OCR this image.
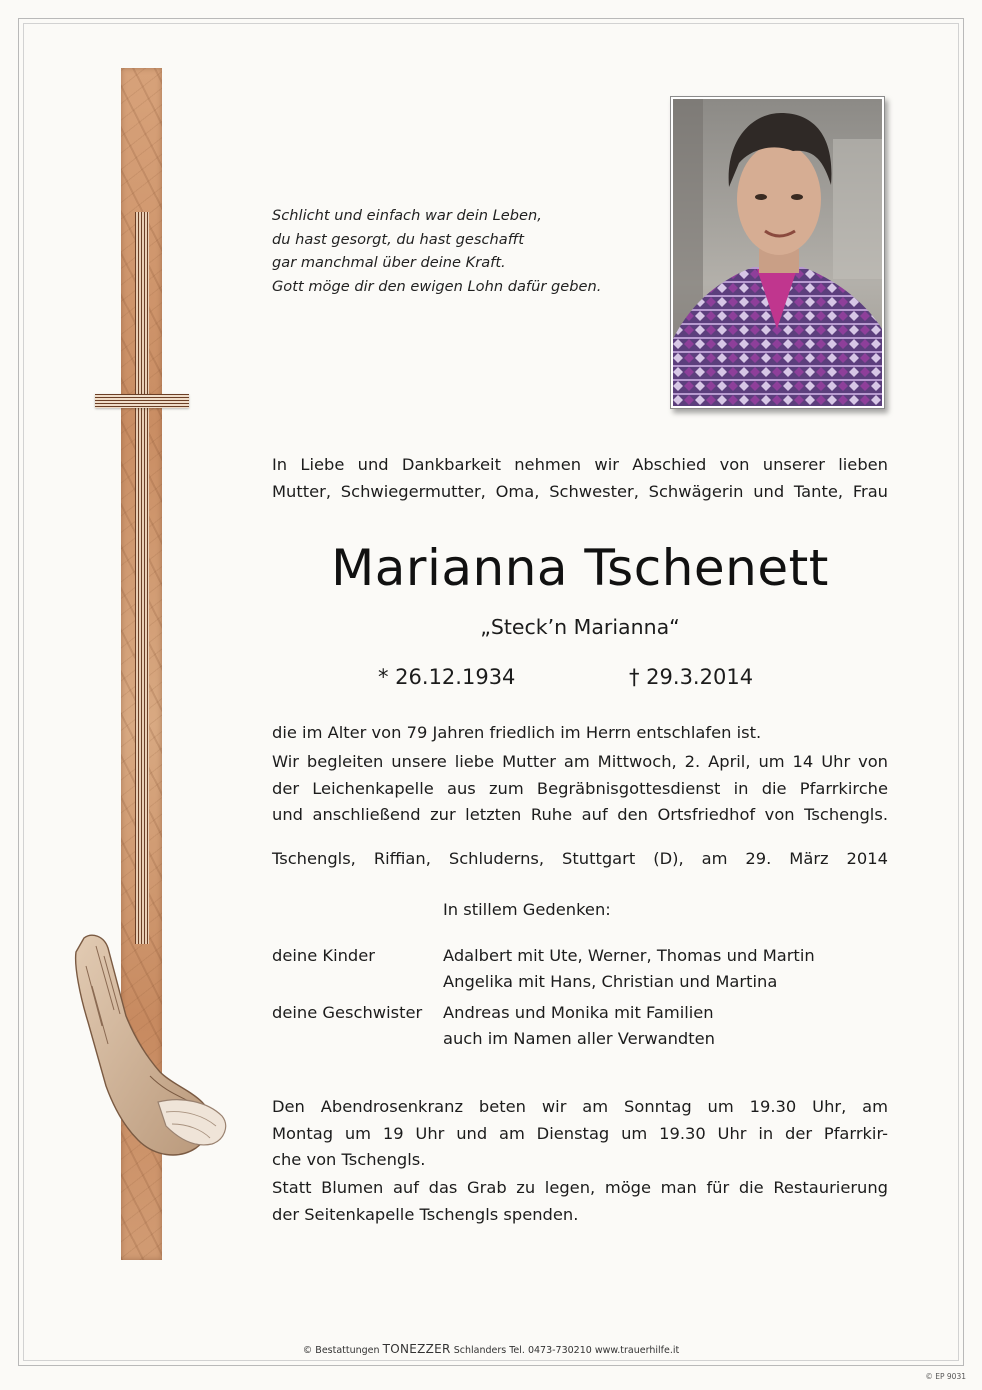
Schlicht und einfach war dein Leben,
du hast gesorgt, du hast geschafft
gar manchmal über deine Kraft.
Gott möge dir den ewigen Lohn dafür geben.
In Liebe und Dankbarkeit nehmen wir Abschied von unserer lieben
Mutter, Schwiegermutter, Oma, Schwester, Schwägerin und Tante, Frau
Marianna Tschenett
„Steck’n Marianna“
* 26.12.1934	† 29.3.2014
die im Alter von 79 Jahren friedlich im Herrn entschlafen ist.
Wir begleiten unsere liebe Mutter am Mittwoch, 2. April, um 14 Uhr von
der Leichenkapelle aus zum Begräbnisgottesdienst in die Pfarrkirche
und anschließend zur letzten Ruhe auf den Ortsfriedhof von Tschengls.
Tschengls, Riffian, Schluderns, Stuttgart (D), am 29. März 2014
In stillem Gedenken:
deine Kinder	Adalbert mit Ute, Werner, Thomas und Martin
Angelika mit Hans, Christian und Martina
deine Geschwister Andreas und Monika mit Familien
auch im Namen aller Verwandten
Den Abendrosenkranz beten wir am Sonntag um 19.30 Uhr, am
Montag um 19 Uhr und am Dienstag um 19.30 Uhr in der Pfarrkir-
che von Tschengls.
Statt Blumen auf das Grab zu legen, möge man für die Restaurierung
der Seitenkapelle Tschengls spenden.
© Bestattungen TONEZZER Schlanders Tel. 0473-730210 www.trauerhilfe.it
© EP 9031
